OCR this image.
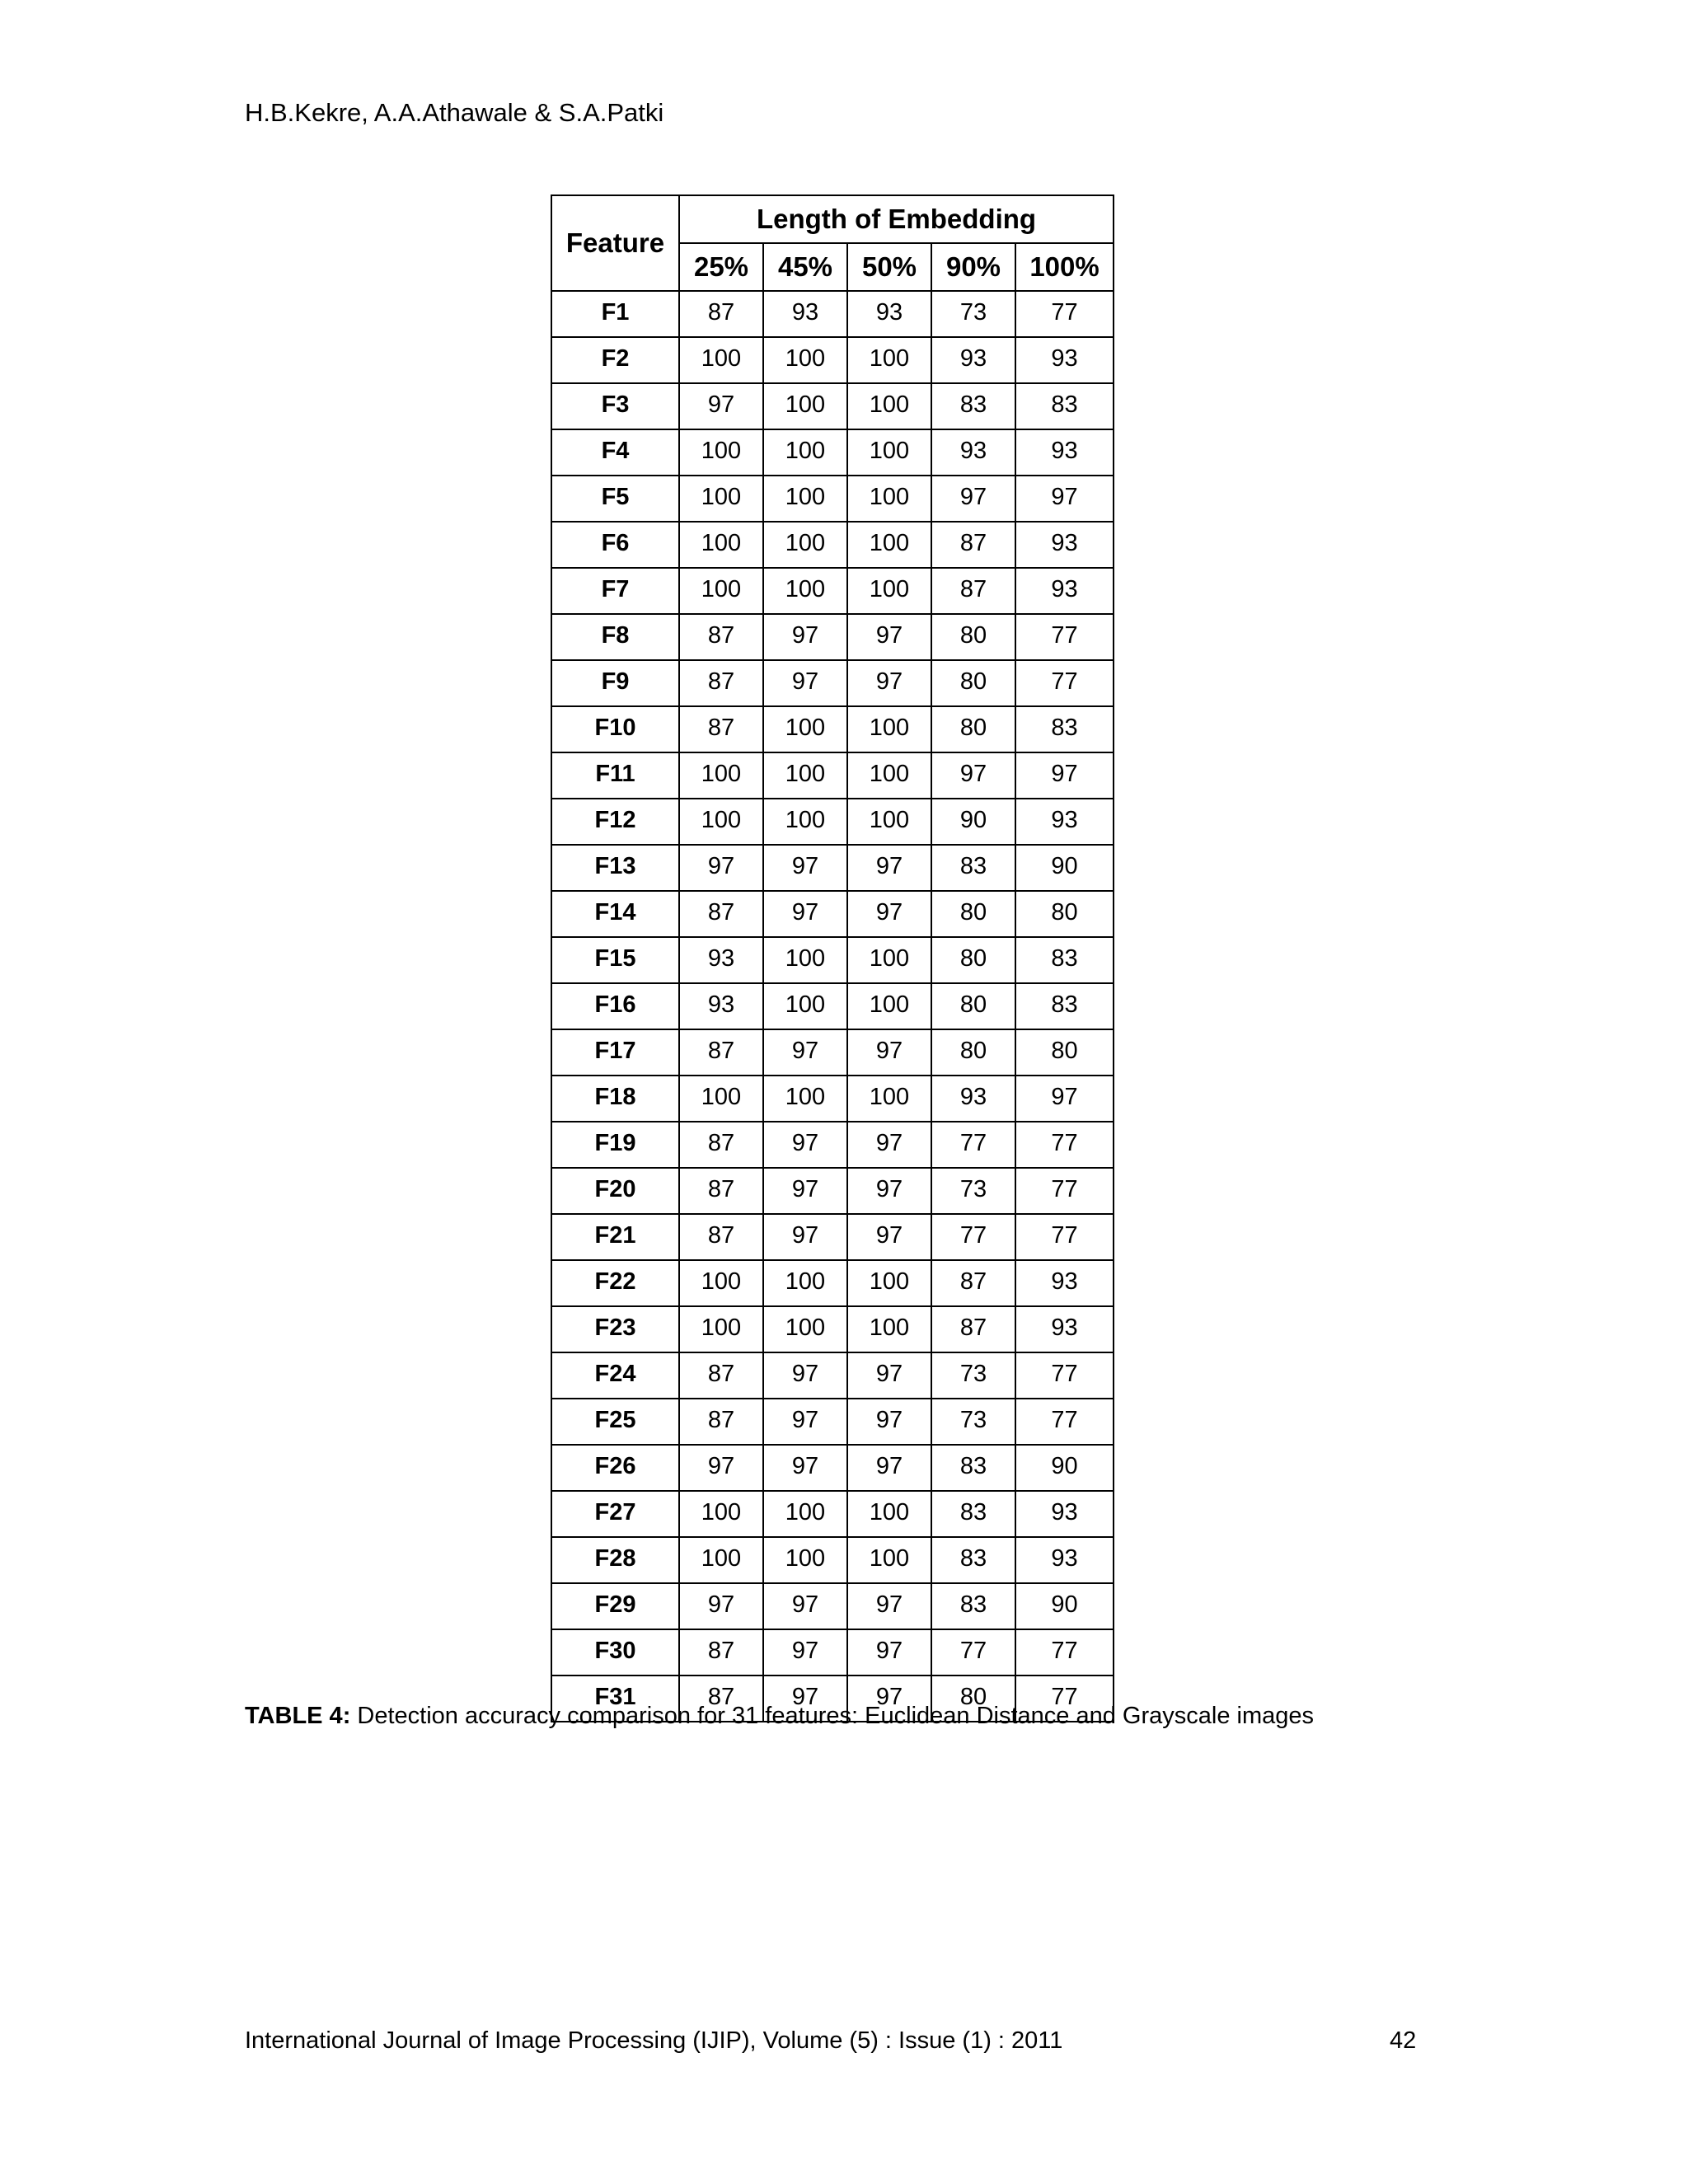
H.B.Kekre, A.A.Athawale & S.A.Patki
Feature	Length of Embedding				
	25%	45%	50%	90%	100%
F1	87	93	93	73	77
F2	100	100	100	93	93
F3	97	100	100	83	83
F4	100	100	100	93	93
F5	100	100	100	97	97
F6	100	100	100	87	93
F7	100	100	100	87	93
F8	87	97	97	80	77
F9	87	97	97	80	77
F10	87	100	100	80	83
F11	100	100	100	97	97
F12	100	100	100	90	93
F13	97	97	97	83	90
F14	87	97	97	80	80
F15	93	100	100	80	83
F16	93	100	100	80	83
F17	87	97	97	80	80
F18	100	100	100	93	97
F19	87	97	97	77	77
F20	87	97	97	73	77
F21	87	97	97	77	77
F22	100	100	100	87	93
F23	100	100	100	87	93
F24	87	97	97	73	77
F25	87	97	97	73	77
F26	97	97	97	83	90
F27	100	100	100	83	93
F28	100	100	100	83	93
F29	97	97	97	83	90
F30	87	97	97	77	77
F31	87	97	97	80	77
TABLE 4: Detection accuracy comparison for 31 features: Euclidean Distance and Grayscale images
International Journal of Image Processing (IJIP), Volume (5) : Issue (1) : 2011	42
